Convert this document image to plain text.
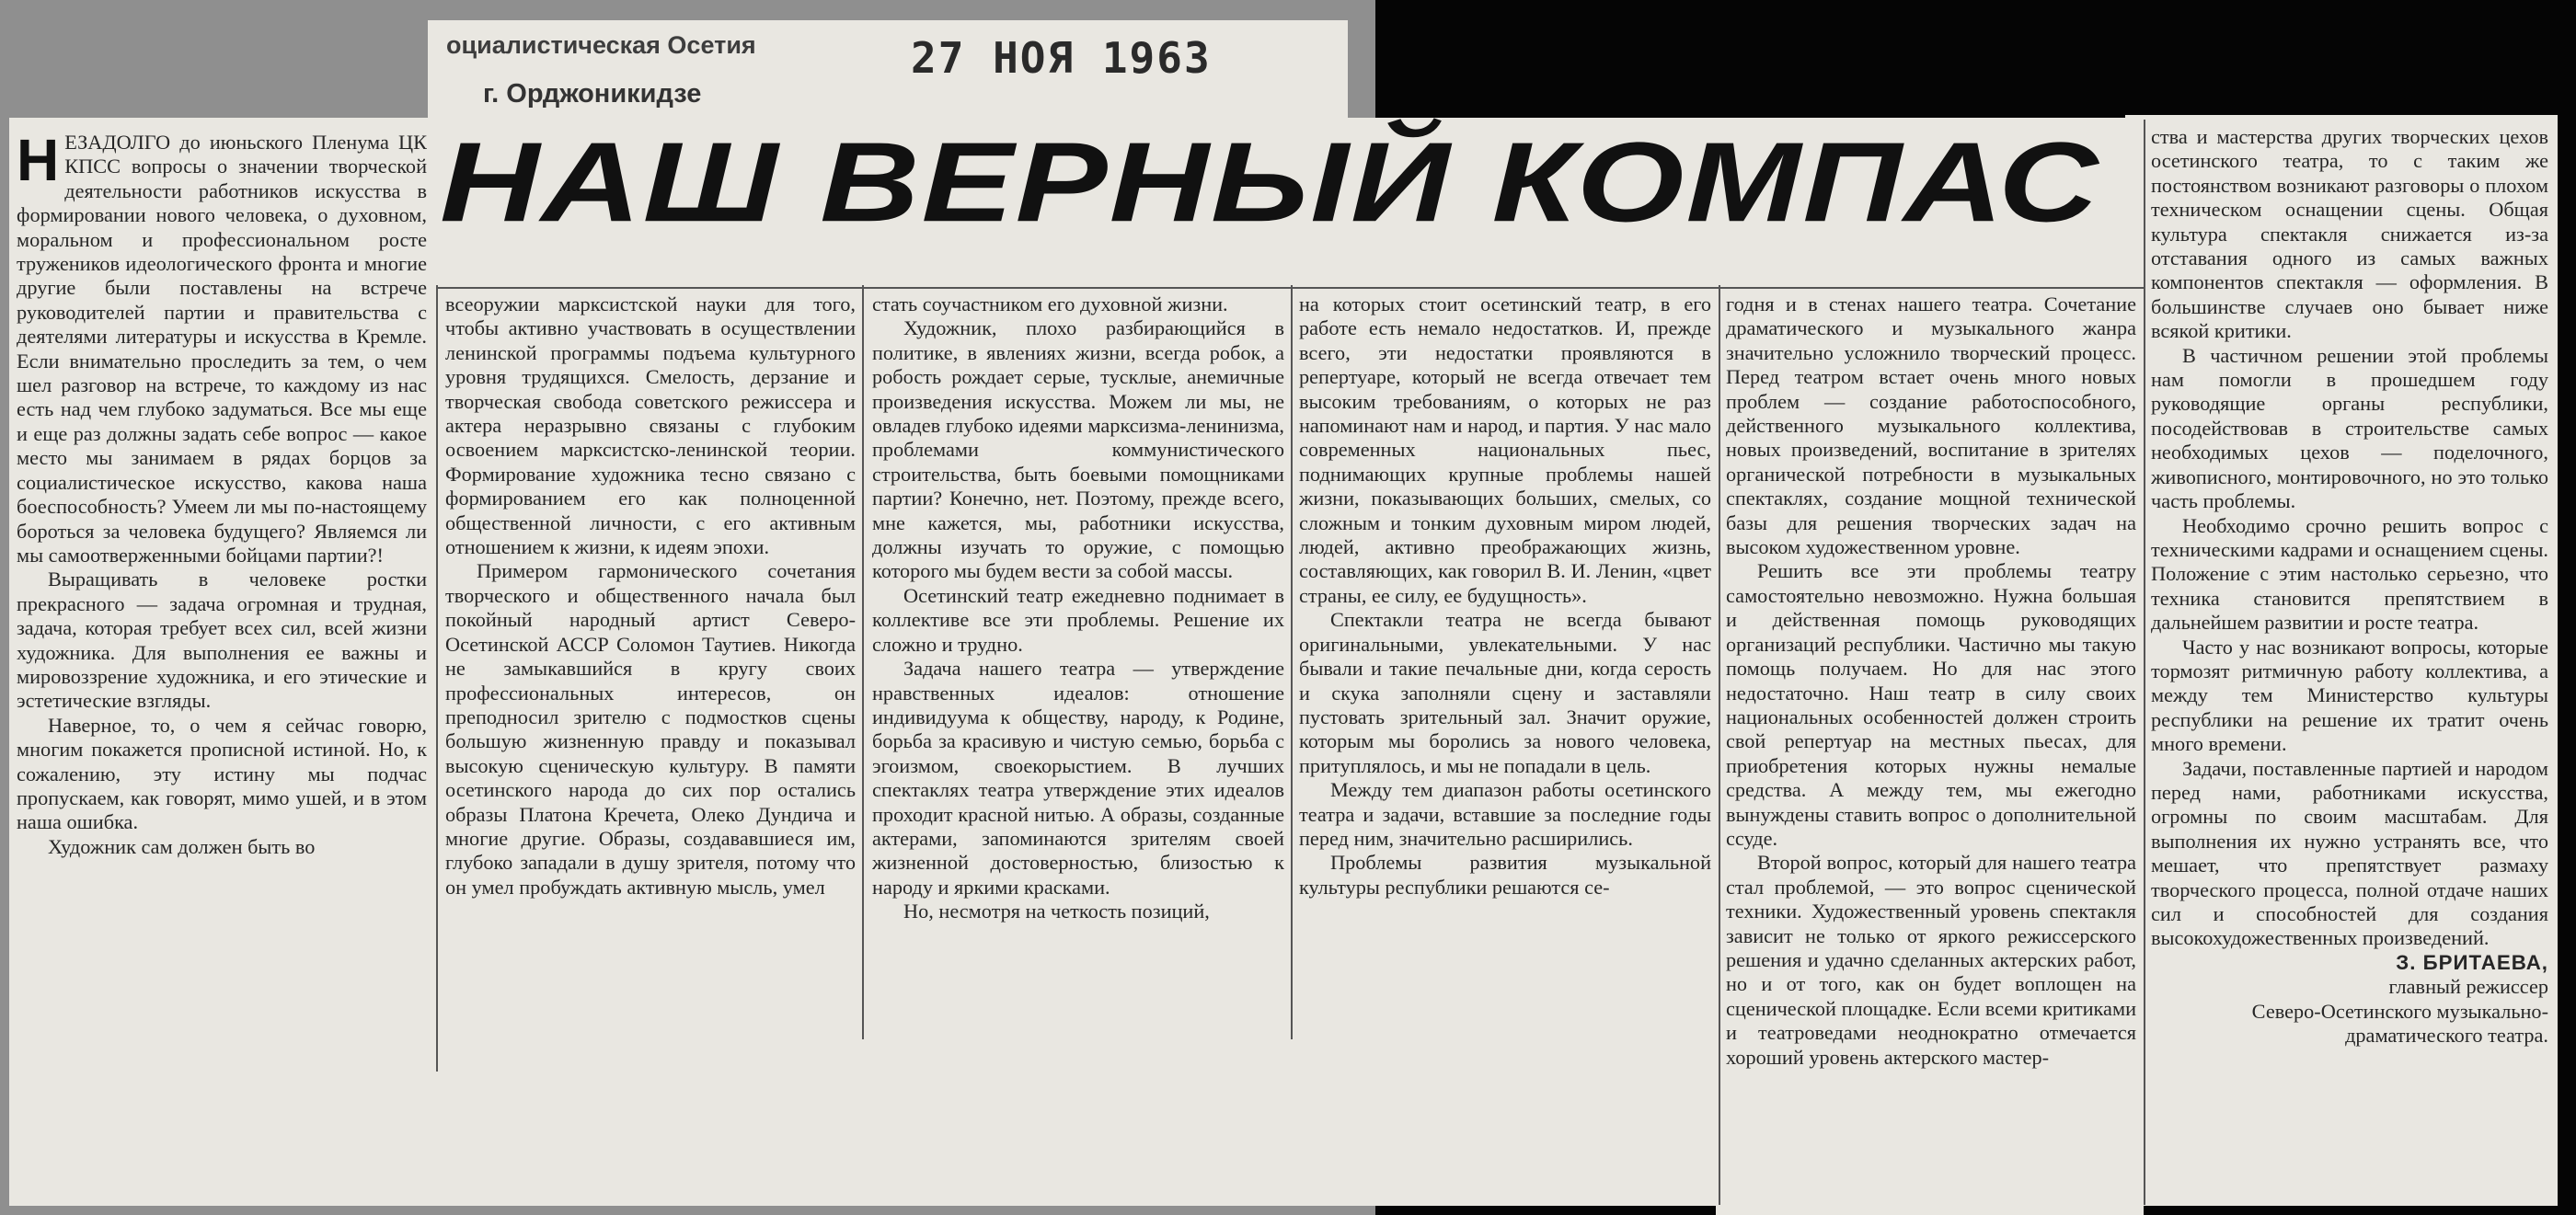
оциалистическая Осетия
г. Орджоникидзе
27 НОЯ 1963
НАШ ВЕРНЫЙ КОМПАС

НЕЗАДОЛГО до июньского Пленума ЦК КПСС вопросы о значении творческой деятельности работников искусства в формировании нового человека, о духовном, моральном и профессиональном росте тружеников идеологического фронта и многие другие были поставлены на встрече руководителей партии и правительства с деятелями литературы и искусства в Кремле. Если внимательно проследить за тем, о чем шел разговор на встрече, то каждому из нас есть над чем глубоко задуматься. Все мы еще и еще раз должны задать себе вопрос — какое место мы занимаем в рядах борцов за социалистическое искусство, какова наша боеспособность? Умеем ли мы по-настоящему бороться за человека будущего? Являемся ли мы самоотверженными бойцами партии?!

Выращивать в человеке ростки прекрасного — задача огромная и трудная, задача, которая требует всех сил, всей жизни художника. Для выполнения ее важны и мировоззрение художника, и его этические и эстетические взгляды.

Наверное, то, о чем я сейчас говорю, многим покажется прописной истиной. Но, к сожалению, эту истину мы подчас пропускаем, как говорят, мимо ушей, и в этом наша ошибка.

Художник сам должен быть во

всеоружии марксистской науки для того, чтобы активно участвовать в осуществлении ленинской программы подъема культурного уровня трудящихся. Смелость, дерзание и творческая свобода советского режиссера и актера неразрывно связаны с глубоким освоением марксистско-ленинской теории. Формирование художника тесно связано с формированием его как полноценной общественной личности, с его активным отношением к жизни, к идеям эпохи.

Примером гармонического сочетания творческого и общественного начала был покойный народный артист Северо-Осетинской АССР Соломон Таутиев. Никогда не замыкавшийся в кругу своих профессиональных интересов, он преподносил зрителю с подмостков сцены большую жизненную правду и показывал высокую сценическую культуру. В памяти осетинского народа до сих пор остались образы Платона Кречета, Олеко Дундича и многие другие. Образы, создававшиеся им, глубоко западали в душу зрителя, потому что он умел пробуждать активную мысль, умел

стать соучастником его духовной жизни.

Художник, плохо разбирающийся в политике, в явлениях жизни, всегда робок, а робость рождает серые, тусклые, анемичные произведения искусства. Можем ли мы, не овладев глубоко идеями марксизма-ленинизма, проблемами коммунистического строительства, быть боевыми помощниками партии? Конечно, нет. Поэтому, прежде всего, мне кажется, мы, работники искусства, должны изучать то оружие, с помощью которого мы будем вести за собой массы.

Осетинский театр ежедневно поднимает в коллективе все эти проблемы. Решение их сложно и трудно.

Задача нашего театра — утверждение нравственных идеалов: отношение индивидуума к обществу, народу, к Родине, борьба за красивую и чистую семью, борьба с эгоизмом, своекорыстием. В лучших спектаклях театра утверждение этих идеалов проходит красной нитью. А образы, созданные актерами, запоминаются зрителям своей жизненной достоверностью, близостью к народу и яркими красками.

Но, несмотря на четкость позиций,

на которых стоит осетинский театр, в его работе есть немало недостатков. И, прежде всего, эти недостатки проявляются в репертуаре, который не всегда отвечает тем высоким требованиям, о которых не раз напоминают нам и народ, и партия. У нас мало современных национальных пьес, поднимающих крупные проблемы нашей жизни, показывающих больших, смелых, со сложным и тонким духовным миром людей, людей, активно преображающих жизнь, составляющих, как говорил В. И. Ленин, «цвет страны, ее силу, ее будущность».

Спектакли театра не всегда бывают оригинальными, увлекательными. У нас бывали и такие печальные дни, когда серость и скука заполняли сцену и заставляли пустовать зрительный зал. Значит оружие, которым мы боролись за нового человека, притуплялось, и мы не попадали в цель.

Между тем диапазон работы осетинского театра и задачи, вставшие за последние годы перед ним, значительно расширились.

Проблемы развития музыкальной культуры республики решаются се-

годня и в стенах нашего театра. Сочетание драматического и музыкального жанра значительно усложнило творческий процесс. Перед театром встает очень много новых проблем — создание работоспособного, действенного музыкального коллектива, новых произведений, воспитание в зрителях органической потребности в музыкальных спектаклях, создание мощной технической базы для решения творческих задач на высоком художественном уровне.

Решить все эти проблемы театру самостоятельно невозможно. Нужна большая и действенная помощь руководящих организаций республики. Частично мы такую помощь получаем. Но для нас этого недостаточно. Наш театр в силу своих национальных особенностей должен строить свой репертуар на местных пьесах, для приобретения которых нужны немалые средства. А между тем, мы ежегодно вынуждены ставить вопрос о дополнительной ссуде.

Второй вопрос, который для нашего театра стал проблемой, — это вопрос сценической техники. Художественный уровень спектакля зависит не только от яркого режиссерского решения и удачно сделанных актерских работ, но и от того, как он будет воплощен на сценической площадке. Если всеми критиками и театроведами неоднократно отмечается хороший уровень актерского мастер-

ства и мастерства других творческих цехов осетинского театра, то с таким же постоянством возникают разговоры о плохом техническом оснащении сцены. Общая культура спектакля снижается из-за отставания одного из самых важных компонентов спектакля — оформления. В большинстве случаев оно бывает ниже всякой критики.

В частичном решении этой проблемы нам помогли в прошедшем году руководящие органы республики, посодействовав в строительстве самых необходимых цехов — поделочного, живописного, монтировочного, но это только часть проблемы.

Необходимо срочно решить вопрос с техническими кадрами и оснащением сцены. Положение с этим настолько серьезно, что техника становится препятствием в дальнейшем развитии и росте театра.

Часто у нас возникают вопросы, которые тормозят ритмичную работу коллектива, а между тем Министерство культуры республики на решение их тратит очень много времени.

Задачи, поставленные партией и народом перед нами, работниками искусства, огромны по своим масштабам. Для выполнения их нужно устранять все, что мешает, что препятствует размаху творческого процесса, полной отдаче наших сил и способностей для создания высокохудожественных произведений.

З. БРИТАЕВА,

главный режиссер

Северо-Осетинского музыкально-драматического театра.
